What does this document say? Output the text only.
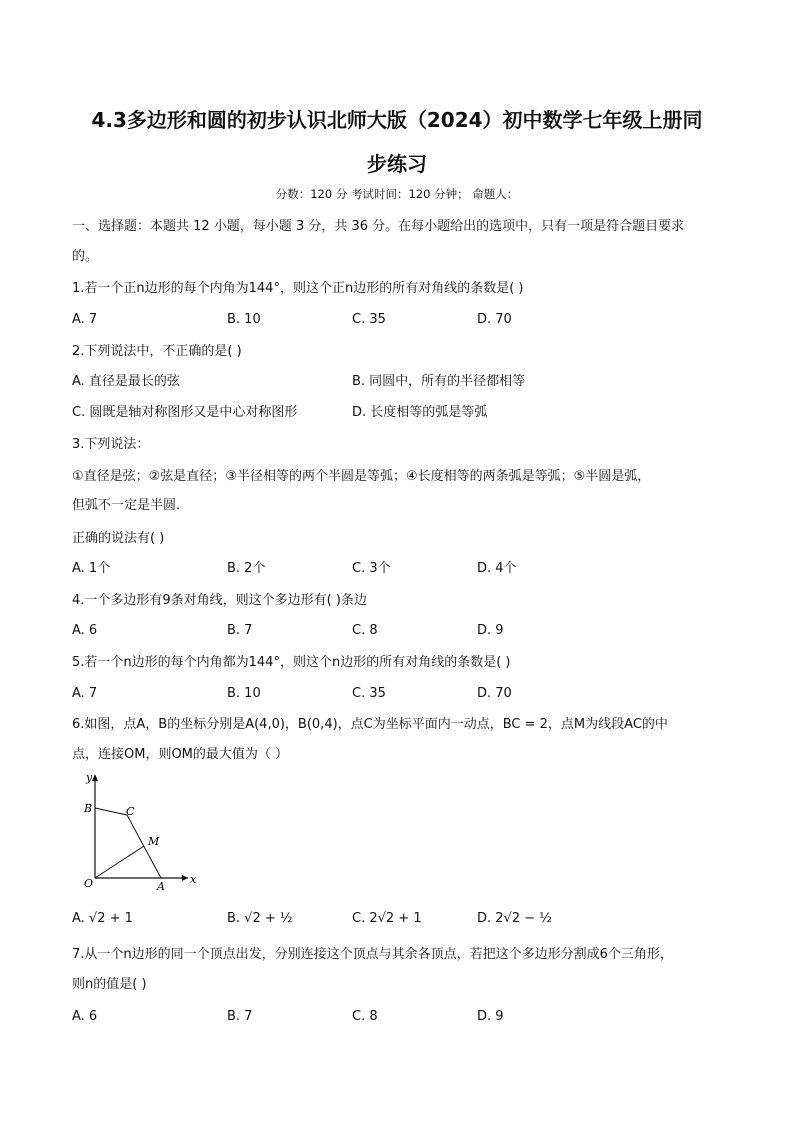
4.3多边形和圆的初步认识北师大版（2024）初中数学七年级上册同
步练习
分数：120 分 考试时间：120 分钟； 命题人：
一、选择题：本题共 12 小题，每小题 3 分，共 36 分。在每小题给出的选项中，只有一项是符合题目要求
的。
1.若一个正n边形的每个内角为144°，则这个正n边形的所有对角线的条数是( )
A. 7	B. 10	C. 35	D. 70
2.下列说法中，不正确的是( )
A. 直径是最长的弦	B. 同圆中，所有的半径都相等
C. 圆既是轴对称图形又是中心对称图形	D. 长度相等的弧是等弧
3.下列说法：
①直径是弦；②弦是直径；③半径相等的两个半圆是等弧；④长度相等的两条弧是等弧；⑤半圆是弧，
但弧不一定是半圆.
正确的说法有( )
A. 1个	B. 2个	C. 3个	D. 4个
4.一个多边形有9条对角线，则这个多边形有( )条边
A. 6	B. 7	C. 8	D. 9
5.若一个n边形的每个内角都为144°，则这个n边形的所有对角线的条数是( )
A. 7	B. 10	C. 35	D. 70
6.如图，点A，B的坐标分别是A(4,0)，B(0,4)，点C为坐标平面内一动点，BC = 2，点M为线段AC的中
点，连接OM，则OM的最大值为（ ）
y
x
B	C
M
O	A
A. √2 + 1	B. √2 + ½	C. 2√2 + 1	D. 2√2 − ½
7.从一个n边形的同一个顶点出发，分别连接这个顶点与其余各顶点，若把这个多边形分割成6个三角形，
则n的值是( )
A. 6	B. 7	C. 8	D. 9
